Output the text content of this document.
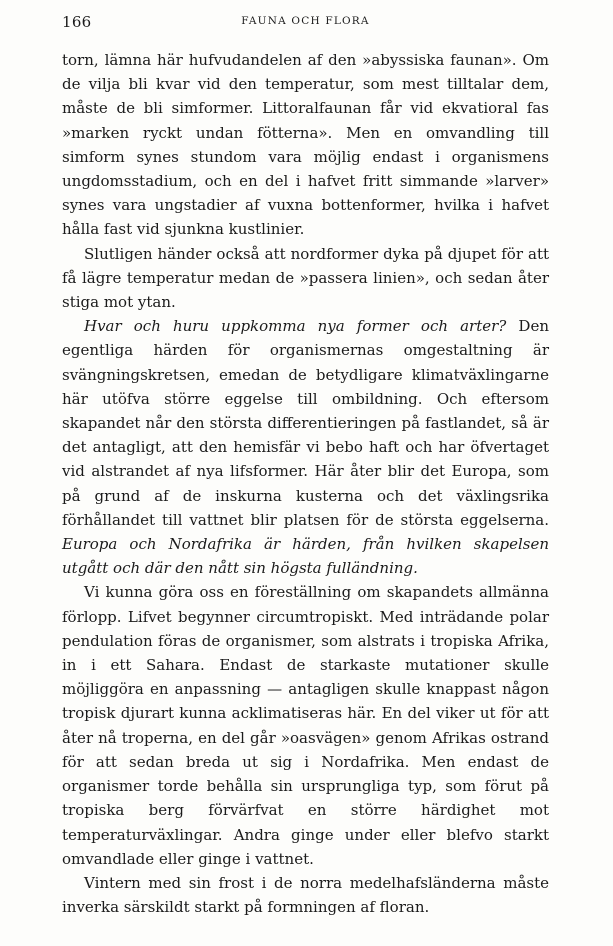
166	FAUNA OCH FLORA

torn, lämna här hufvudandelen af den »abyssiska faunan». Om de vilja bli kvar vid den temperatur, som mest tilltalar dem, måste de bli simformer. Littoralfaunan får vid ekvatioral fas »marken ryckt undan fötterna». Men en omvandling till simform synes stundom vara möjlig endast i organismens ungdomsstadium, och en del i hafvet fritt simmande »larver» synes vara ungstadier af vuxna bottenformer, hvilka i hafvet hålla fast vid sjunkna kustlinier.

Slutligen händer också att nordformer dyka på djupet för att få lägre temperatur medan de »passera linien», och sedan åter stiga mot ytan.

Hvar och huru uppkomma nya former och arter? Den egentliga härden för organismernas omgestaltning är svängningskretsen, emedan de betydligare klimatväxlingarne här utöfva större eggelse till ombildning. Och eftersom skapandet når den största differentieringen på fastlandet, så är det antagligt, att den hemisfär vi bebo haft och har öfvertaget vid alstrandet af nya lifsformer. Här åter blir det Europa, som på grund af de inskurna kusterna och det växlingsrika förhållandet till vattnet blir platsen för de största eggelserna. Europa och Nordafrika är härden, från hvilken skapelsen utgått och där den nått sin högsta fulländning.

Vi kunna göra oss en föreställning om skapandets allmänna förlopp. Lifvet begynner circumtropiskt. Med inträdande polar pendulation föras de organismer, som alstrats i tropiska Afrika, in i ett Sahara. Endast de starkaste mutationer skulle möjliggöra en anpassning — antagligen skulle knappast någon tropisk djurart kunna acklimatiseras här. En del viker ut för att åter nå troperna, en del går »oasvägen» genom Afrikas ostrand för att sedan breda ut sig i Nordafrika. Men endast de organismer torde behålla sin ursprungliga typ, som förut på tropiska berg förvärfvat en större härdighet mot temperaturväxlingar. Andra ginge under eller blefvo starkt omvandlade eller ginge i vattnet.

Vintern med sin frost i de norra medelhafsländerna måste inverka särskildt starkt på formningen af floran.
